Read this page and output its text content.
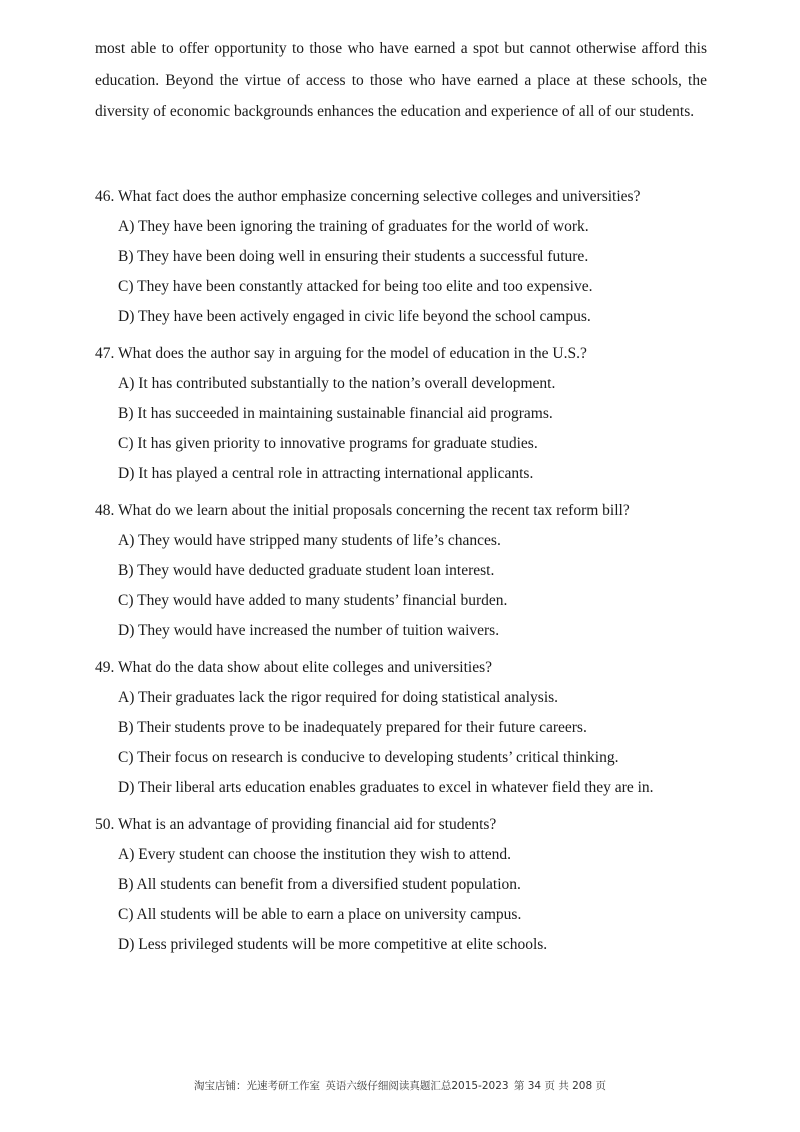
most able to offer opportunity to those who have earned a spot but cannot otherwise afford this education. Beyond the virtue of access to those who have earned a place at these schools, the diversity of economic backgrounds enhances the education and experience of all of our students.

46. What fact does the author emphasize concerning selective colleges and universities?
A) They have been ignoring the training of graduates for the world of work.
B) They have been doing well in ensuring their students a successful future.
C) They have been constantly attacked for being too elite and too expensive.
D) They have been actively engaged in civic life beyond the school campus.
47. What does the author say in arguing for the model of education in the U.S.?
A) It has contributed substantially to the nation’s overall development.
B) It has succeeded in maintaining sustainable financial aid programs.
C) It has given priority to innovative programs for graduate studies.
D) It has played a central role in attracting international applicants.
48. What do we learn about the initial proposals concerning the recent tax reform bill?
A) They would have stripped many students of life’s chances.
B) They would have deducted graduate student loan interest.
C) They would have added to many students’ financial burden.
D) They would have increased the number of tuition waivers.
49. What do the data show about elite colleges and universities?
A) Their graduates lack the rigor required for doing statistical analysis.
B) Their students prove to be inadequately prepared for their future careers.
C) Their focus on research is conducive to developing students’ critical thinking.
D) Their liberal arts education enables graduates to excel in whatever field they are in.
50. What is an advantage of providing financial aid for students?
A) Every student can choose the institution they wish to attend.
B) All students can benefit from a diversified student population.
C) All students will be able to earn a place on university campus.
D) Less privileged students will be more competitive at elite schools.
淘宝店铺：光速考研工作室 英语六级仔细阅读真题汇总2015-2023 第 34 页 共 208 页
